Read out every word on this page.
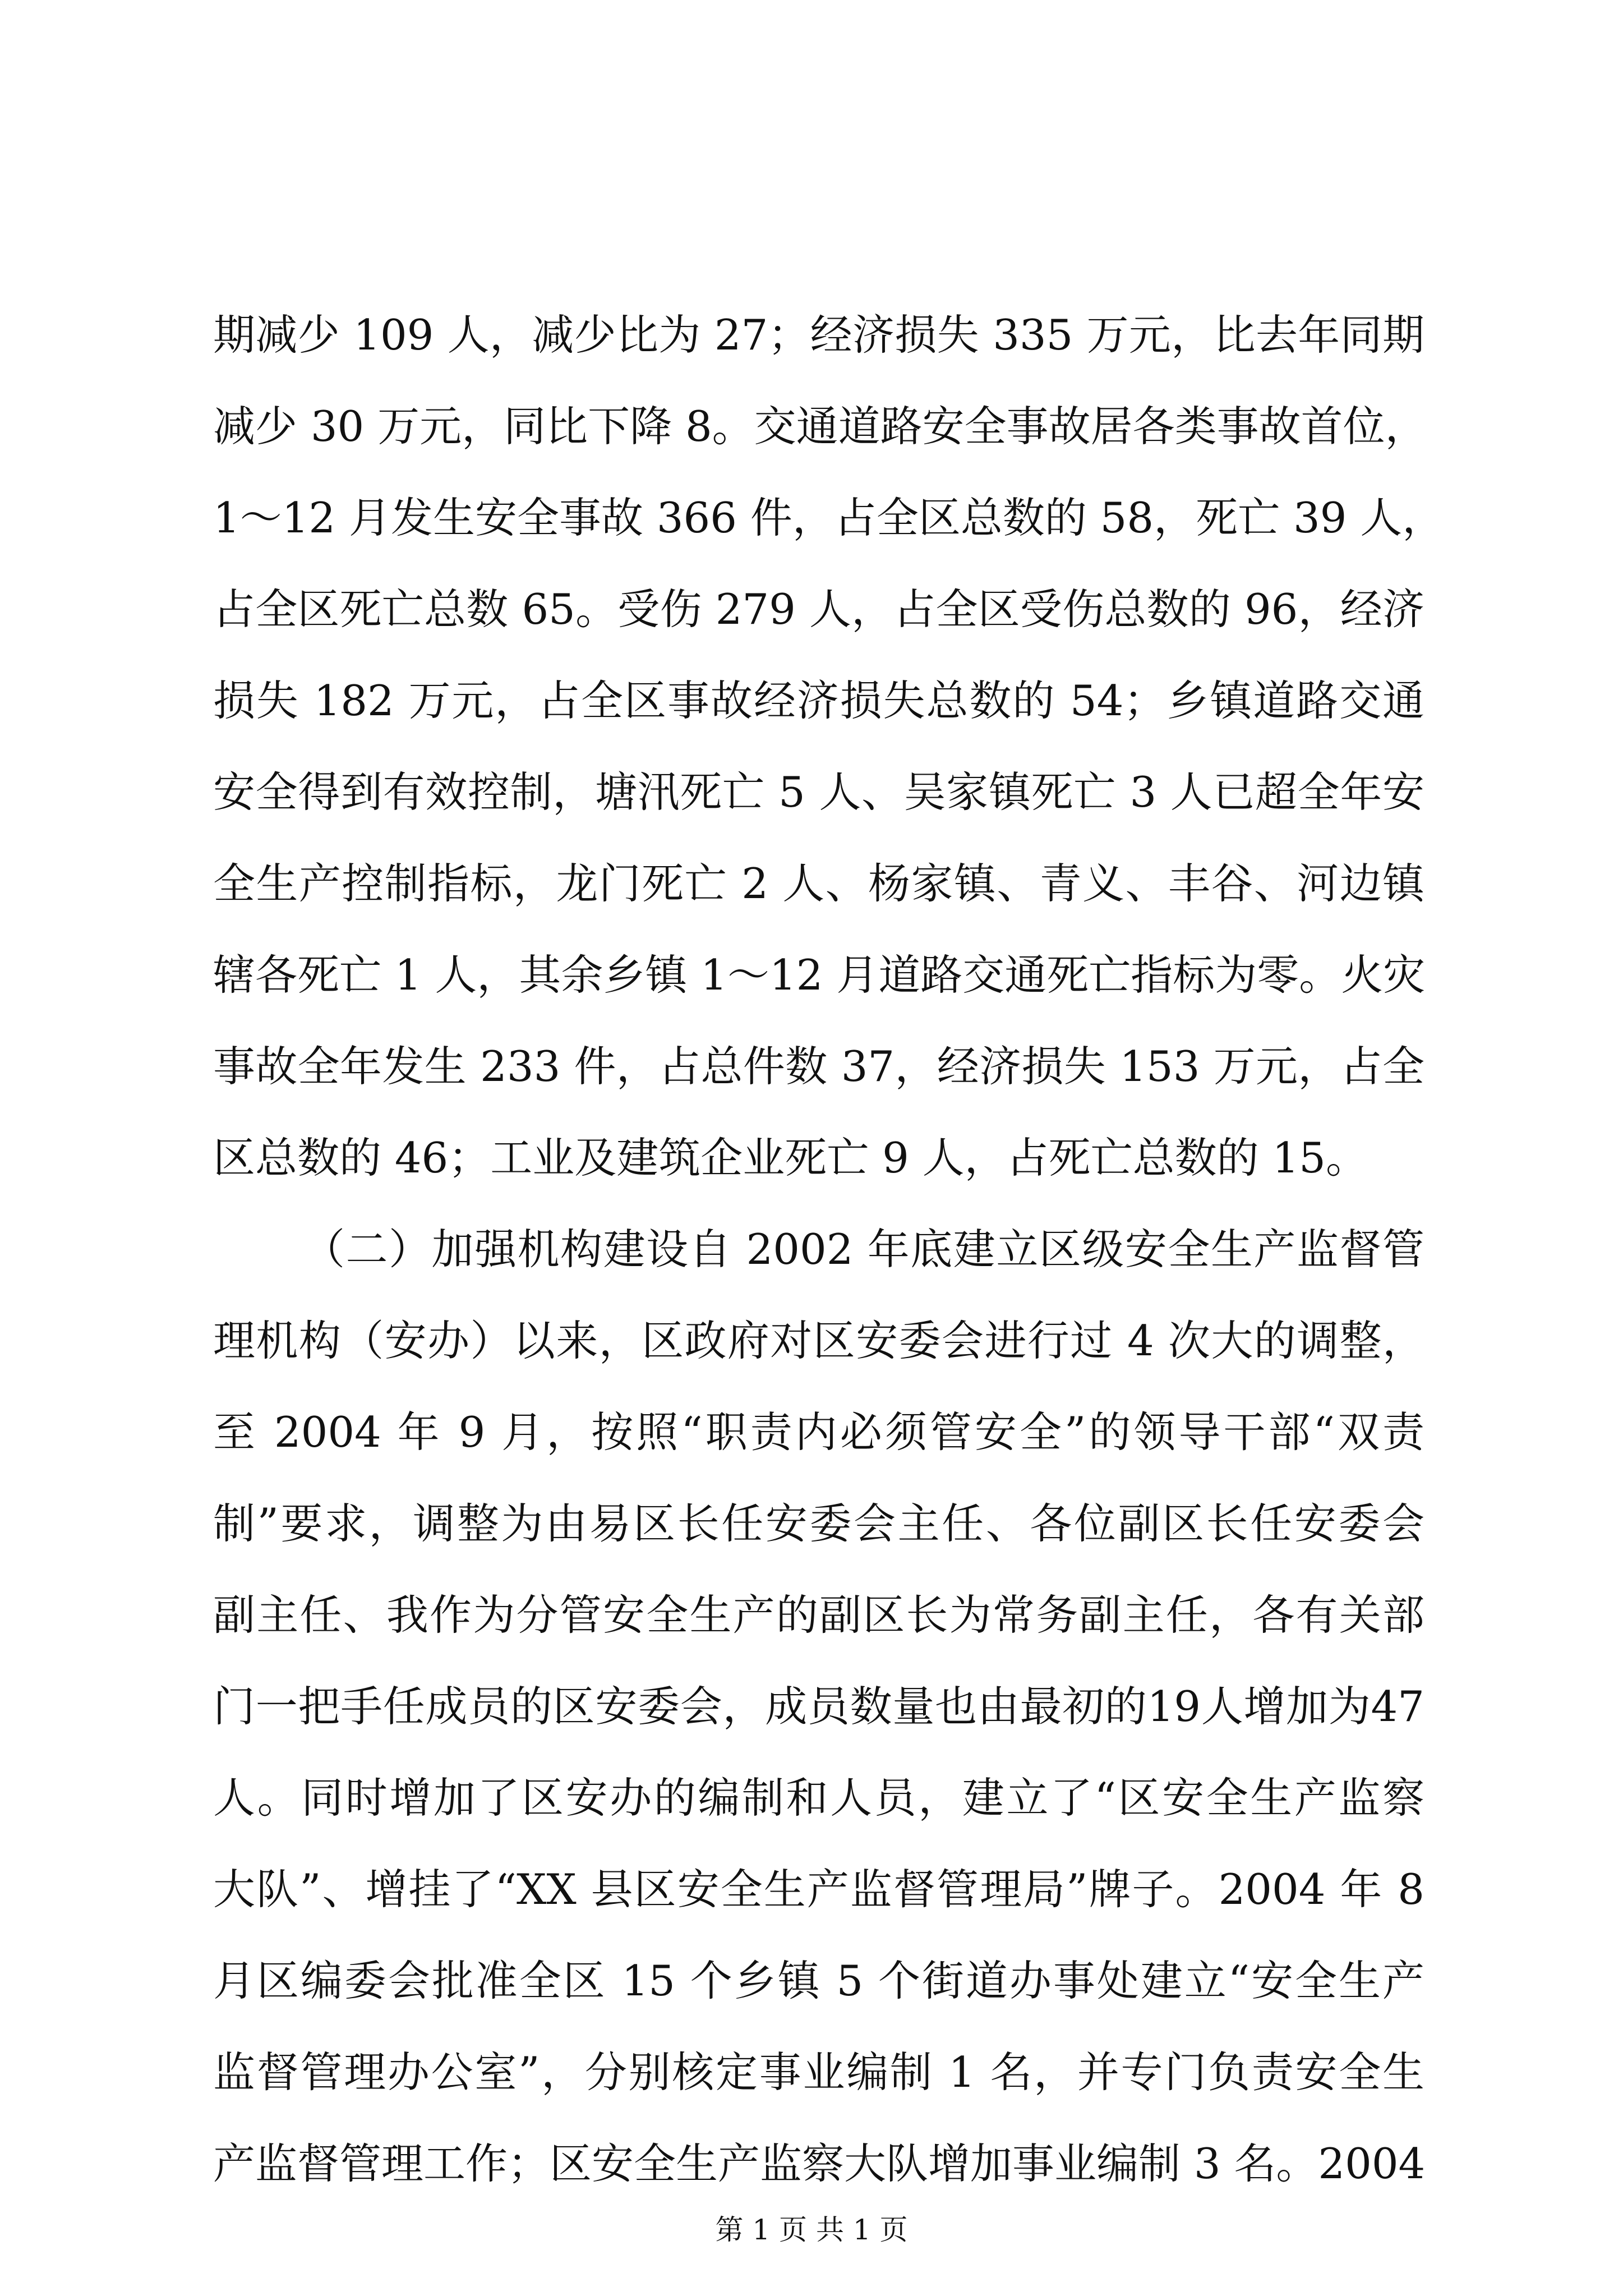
期减少 109 人，减少比为 27；经济损失 335 万元，比去年同期
减少 30 万元，同比下降 8。交通道路安全事故居各类事故首位，
1～12 月发生安全事故 366 件，占全区总数的 58，死亡 39 人，
占全区死亡总数 65。受伤 279 人，占全区受伤总数的 96，经济
损失 182 万元，占全区事故经济损失总数的 54；乡镇道路交通
安全得到有效控制，塘汛死亡 5 人、吴家镇死亡 3 人已超全年安
全生产控制指标，龙门死亡 2 人、杨家镇、青义、丰谷、河边镇
辖各死亡 1 人，其余乡镇 1～12 月道路交通死亡指标为零。火灾
事故全年发生 233 件，占总件数 37，经济损失 153 万元，占全
区总数的 46；工业及建筑企业死亡 9 人，占死亡总数的 15。
（二）加强机构建设自 2002 年底建立区级安全生产监督管
理机构（安办）以来，区政府对区安委会进行过 4 次大的调整，
至 2004 年 9 月，按照“职责内必须管安全”的领导干部“双责
制”要求，调整为由易区长任安委会主任、各位副区长任安委会
副主任、我作为分管安全生产的副区长为常务副主任，各有关部
门一把手任成员的区安委会，成员数量也由最初的19人增加为47
人。同时增加了区安办的编制和人员，建立了“区安全生产监察
大队”、增挂了“XX 县区安全生产监督管理局”牌子。2004 年 8
月区编委会批准全区 15 个乡镇 5 个街道办事处建立“安全生产
监督管理办公室”，分别核定事业编制 1 名，并专门负责安全生
产监督管理工作；区安全生产监察大队增加事业编制 3 名。2004
第 1 页 共 1 页
